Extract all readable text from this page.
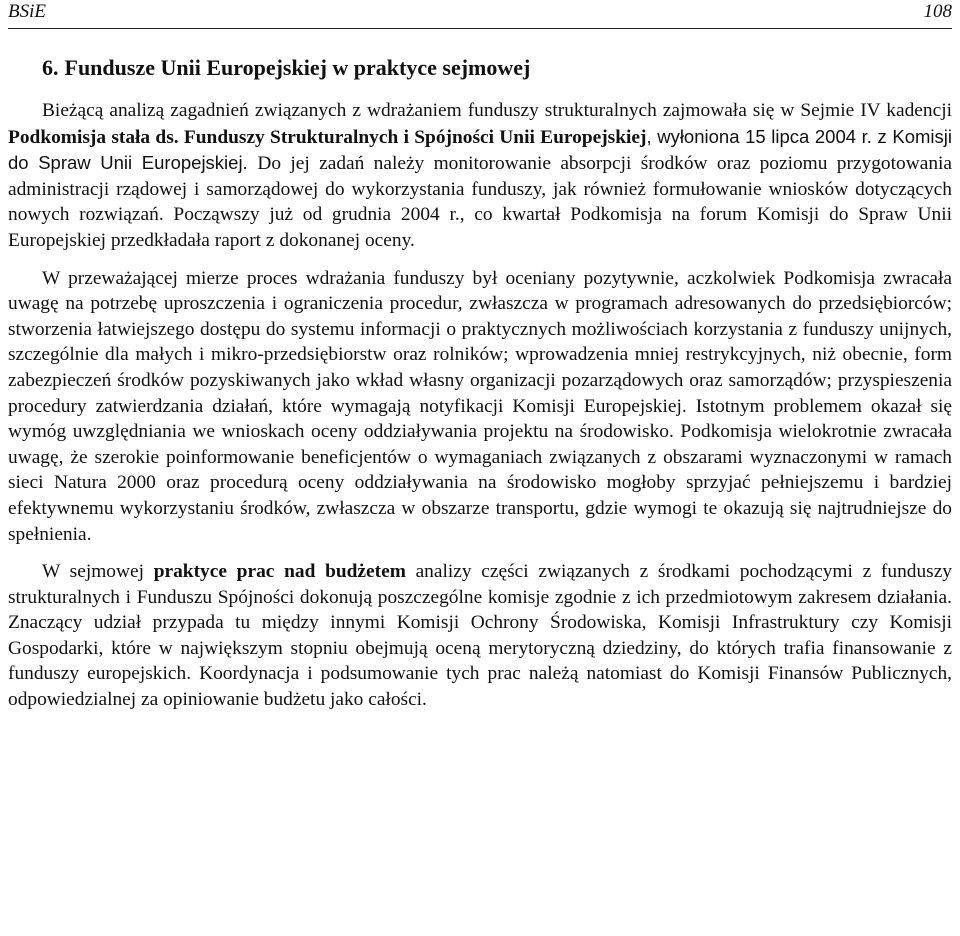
BSiE	108
6. Fundusze Unii Europejskiej w praktyce sejmowej

Bieżącą analizą zagadnień związanych z wdrażaniem funduszy strukturalnych zajmowała się w Sejmie IV kadencji Podkomisja stała ds. Funduszy Strukturalnych i Spójności Unii Europejskiej, wyłoniona 15 lipca 2004 r. z Komisji do Spraw Unii Europejskiej. Do jej zadań należy monitorowanie absorpcji środków oraz poziomu przygotowania administracji rządowej i samorządowej do wykorzystania funduszy, jak również formułowanie wniosków dotyczących nowych rozwiązań. Począwszy już od grudnia 2004 r., co kwartał Podkomisja na forum Komisji do Spraw Unii Europejskiej przedkładała raport z dokonanej oceny.

W przeważającej mierze proces wdrażania funduszy był oceniany pozytywnie, aczkolwiek Podkomisja zwracała uwagę na potrzebę uproszczenia i ograniczenia procedur, zwłaszcza w programach adresowanych do przedsiębiorców; stworzenia łatwiejszego dostępu do systemu informacji o praktycznych możliwościach korzystania z funduszy unijnych, szczególnie dla małych i mikro-przedsiębiorstw oraz rolników; wprowadzenia mniej restrykcyjnych, niż obecnie, form zabezpieczeń środków pozyskiwanych jako wkład własny organizacji pozarządowych oraz samorządów; przyspieszenia procedury zatwierdzania działań, które wymagają notyfikacji Komisji Europejskiej. Istotnym problemem okazał się wymóg uwzględniania we wnioskach oceny oddziaływania projektu na środowisko. Podkomisja wielokrotnie zwracała uwagę, że szerokie poinformowanie beneficjentów o wymaganiach związanych z obszarami wyznaczonymi w ramach sieci Natura 2000 oraz procedurą oceny oddziaływania na środowisko mogłoby sprzyjać pełniejszemu i bardziej efektywnemu wykorzystaniu środków, zwłaszcza w obszarze transportu, gdzie wymogi te okazują się najtrudniejsze do spełnienia.

W sejmowej praktyce prac nad budżetem analizy części związanych z środkami pochodzącymi z funduszy strukturalnych i Funduszu Spójności dokonują poszczególne komisje zgodnie z ich przedmiotowym zakresem działania. Znaczący udział przypada tu między innymi Komisji Ochrony Środowiska, Komisji Infrastruktury czy Komisji Gospodarki, które w największym stopniu obejmują oceną merytoryczną dziedziny, do których trafia finansowanie z funduszy europejskich. Koordynacja i podsumowanie tych prac należą natomiast do Komisji Finansów Publicznych, odpowiedzialnej za opiniowanie budżetu jako całości.
